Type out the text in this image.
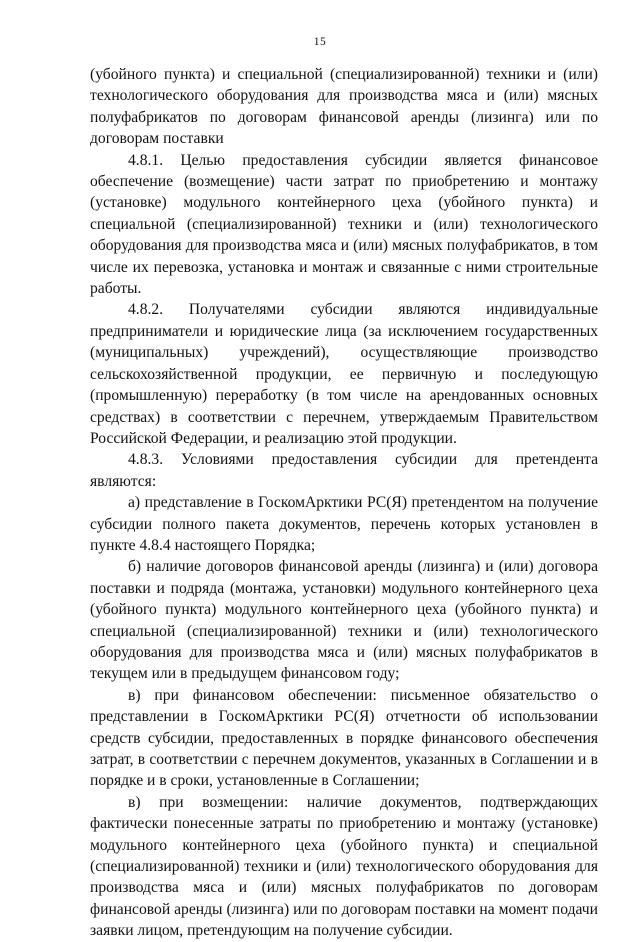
15

(убойного пункта) и специальной (специализированной) техники и (или) технологического оборудования для производства мяса и (или) мясных полуфабрикатов по договорам финансовой аренды (лизинга) или по договорам поставки

4.8.1. Целью предоставления субсидии является финансовое обеспечение (возмещение) части затрат по приобретению и монтажу (установке) модульного контейнерного цеха (убойного пункта) и специальной (специализированной) техники и (или) технологического оборудования для производства мяса и (или) мясных полуфабрикатов, в том числе их перевозка, установка и монтаж и связанные с ними строительные работы.

4.8.2. Получателями субсидии являются индивидуальные предприниматели и юридические лица (за исключением государственных (муниципальных) учреждений), осуществляющие производство сельскохозяйственной продукции, ее первичную и последующую (промышленную) переработку (в том числе на арендованных основных средствах) в соответствии с перечнем, утверждаемым Правительством Российской Федерации, и реализацию этой продукции.

4.8.3. Условиями предоставления субсидии для претендента являются:

а) представление в ГоскомАрктики РС(Я) претендентом на получение субсидии полного пакета документов, перечень которых установлен в пункте 4.8.4 настоящего Порядка;

б) наличие договоров финансовой аренды (лизинга) и (или) договора поставки и подряда (монтажа, установки) модульного контейнерного цеха (убойного пункта) модульного контейнерного цеха (убойного пункта) и специальной (специализированной) техники и (или) технологического оборудования для производства мяса и (или) мясных полуфабрикатов в текущем или в предыдущем финансовом году;

в) при финансовом обеспечении: письменное обязательство о представлении в ГоскомАрктики РС(Я) отчетности об использовании средств субсидии, предоставленных в порядке финансового обеспечения затрат, в соответствии с перечнем документов, указанных в Соглашении и в порядке и в сроки, установленные в Соглашении;

в) при возмещении: наличие документов, подтверждающих фактически понесенные затраты по приобретению и монтажу (установке) модульного контейнерного цеха (убойного пункта) и специальной (специализированной) техники и (или) технологического оборудования для производства мяса и (или) мясных полуфабрикатов по договорам финансовой аренды (лизинга) или по договорам поставки на момент подачи заявки лицом, претендующим на получение субсидии.
